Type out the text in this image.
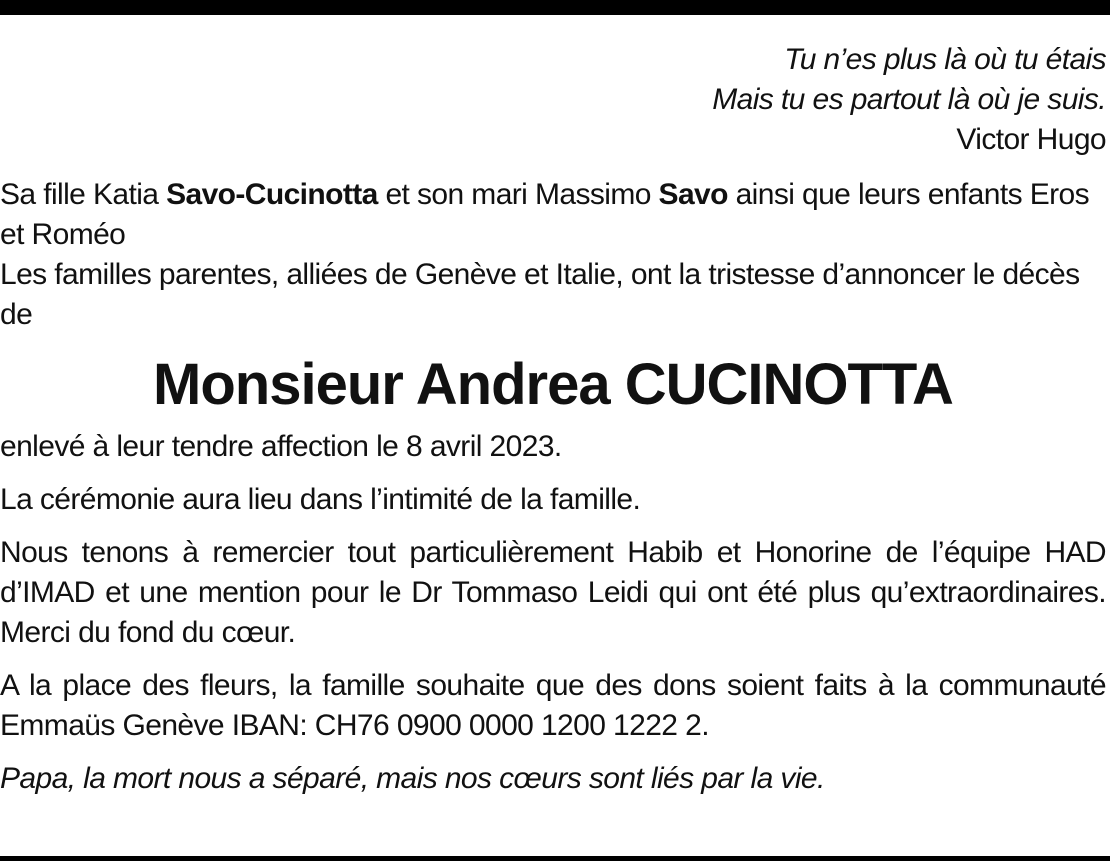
Tu n’es plus là où tu étais
Mais tu es partout là où je suis.
Victor Hugo

Sa fille Katia Savo-Cucinotta et son mari Massimo Savo ainsi que leurs enfants Eros et Roméo

Les familles parentes, alliées de Genève et Italie, ont la tristesse d’annoncer le décès de

Monsieur Andrea CUCINOTTA

enlevé à leur tendre affection le 8 avril 2023.

La cérémonie aura lieu dans l’intimité de la famille.

Nous tenons à remercier tout particulièrement Habib et Honorine de l’équipe HAD d’IMAD et une mention pour le Dr Tommaso Leidi qui ont été plus qu’extraordinaires. Merci du fond du cœur.

A la place des fleurs, la famille souhaite que des dons soient faits à la communauté Emmaüs Genève IBAN: CH76 0900 0000 1200 1222 2.

Papa, la mort nous a séparé, mais nos cœurs sont liés par la vie.
